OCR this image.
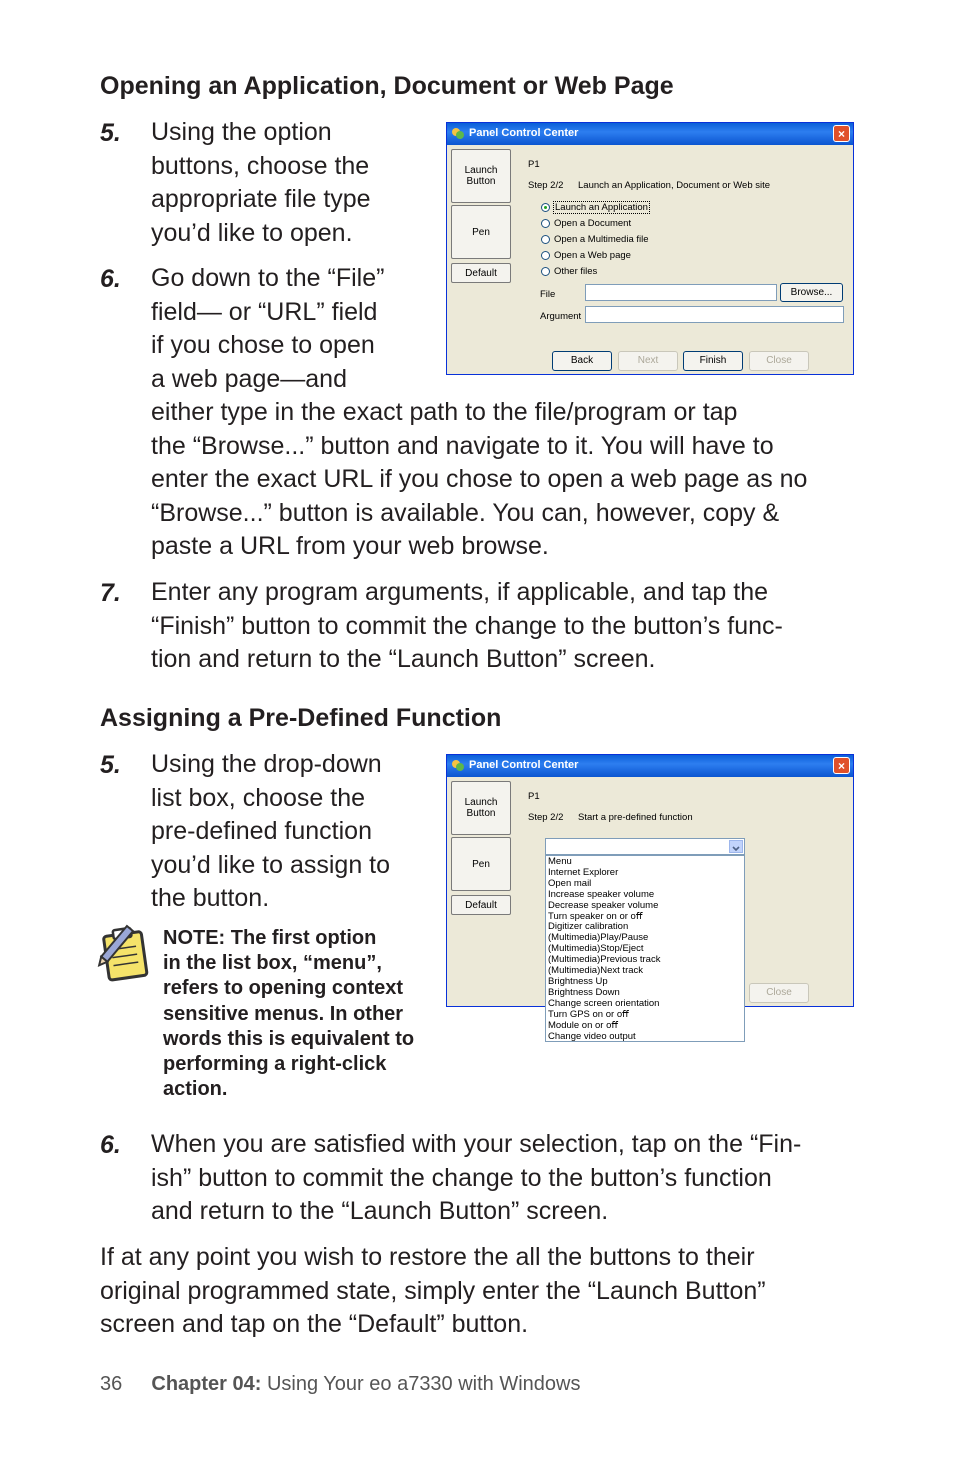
Opening an Application, Document or Web Page
5. Using the option
buttons, choose the
appropriate ﬁle type
you’d like to open.
6. Go down to the “File”
ﬁeld— or “URL” ﬁeld
if you chose to open
a web page—and
either type in the exact path to the ﬁle/program or tap
the “Browse...” button and navigate to it. You will have to
enter the exact URL if you chose to open a web page as no
“Browse...” button is available. You can, however, copy &
paste a URL from your web browse.
7. Enter any program arguments, if applicable, and tap the
“Finish” button to commit the change to the button’s func-
tion and return to the “Launch Button” screen.
Panel Control Center	×
Launch Button
Pen
Default
P1
Step 2/2 Launch an Application, Document or Web site
Launch an Application
Open a Document
Open a Multimedia ﬁle
Open a Web page
Other ﬁles
File	Browse...
Argument
Back	Next	Finish	Close
Assigning a Pre-Deﬁned Function
5. Using the drop-down
list box, choose the
pre-deﬁned function
you’d like to assign to
the button.
NOTE: The ﬁrst option
in the list box, “menu”,
refers to opening context
sensitive menus. In other
words this is equivalent to
performing a right-click
action.
Panel Control Center	×
Launch Button
Pen
Default
P1
Step 2/2 Start a pre-deﬁned function
Close
Menu
Internet Explorer
Open mail
Increase speaker volume
Decrease speaker volume
Turn speaker on or oﬀ
Digitizer calibration
(Multimedia)Play/Pause
(Multimedia)Stop/Eject
(Multimedia)Previous track
(Multimedia)Next track
Brightness Up
Brightness Down
Change screen orientation
Turn GPS on or oﬀ
Module on or oﬀ
Change video output
6. When you are satisﬁed with your selection, tap on the “Fin-
ish” button to commit the change to the button’s function
and return to the “Launch Button” screen.
If at any point you wish to restore the all the buttons to their
original programmed state, simply enter the “Launch Button”
screen and tap on the “Default” button.
36 Chapter 04: Using Your eo a7330 with Windows
